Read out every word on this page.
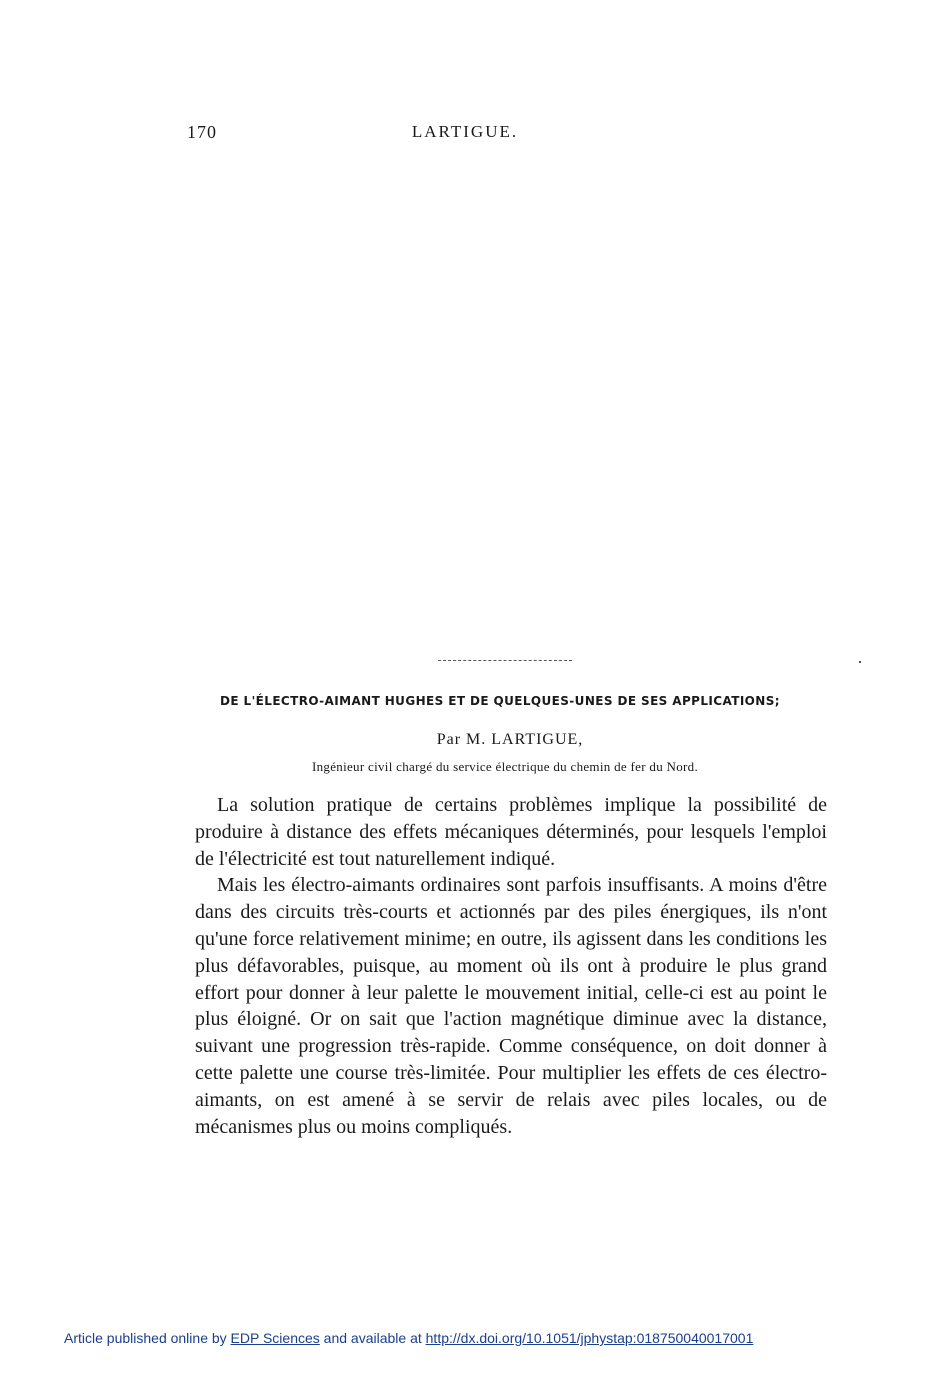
170	LARTIGUE.
DE L'ÉLECTRO-AIMANT HUGHES ET DE QUELQUES-UNES DE SES APPLICATIONS;
Par M. LARTIGUE,
Ingénieur civil chargé du service électrique du chemin de fer du Nord.

La solution pratique de certains problèmes implique la possibilité de produire à distance des effets mécaniques déterminés, pour lesquels l'emploi de l'électricité est tout naturellement indiqué.

Mais les électro-aimants ordinaires sont parfois insuffisants. A moins d'être dans des circuits très-courts et actionnés par des piles énergiques, ils n'ont qu'une force relativement minime; en outre, ils agissent dans les conditions les plus défavorables, puisque, au moment où ils ont à produire le plus grand effort pour donner à leur palette le mouvement initial, celle-ci est au point le plus éloigné. Or on sait que l'action magnétique diminue avec la distance, suivant une progression très-rapide. Comme conséquence, on doit donner à cette palette une course très-limitée. Pour multiplier les effets de ces électro-aimants, on est amené à se servir de relais avec piles locales, ou de mécanismes plus ou moins compliqués.

Article published online by EDP Sciences and available at http://dx.doi.org/10.1051/jphystap:018750040017001
